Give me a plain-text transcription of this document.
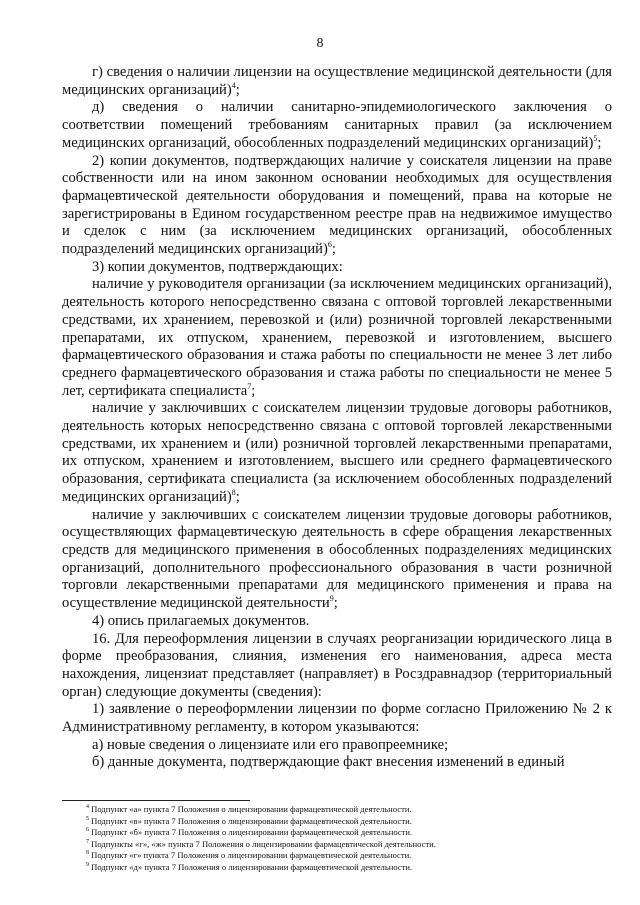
8

г) сведения о наличии лицензии на осуществление медицинской деятельности (для медицинских организаций)$^4$;

д) сведения о наличии санитарно-эпидемиологического заключения о соответствии помещений требованиям санитарных правил (за исключением медицинских организаций, обособленных подразделений медицинских организаций)$^5$;

2) копии документов, подтверждающих наличие у соискателя лицензии на праве собственности или на ином законном основании необходимых для осуществления фармацевтической деятельности оборудования и помещений, права на которые не зарегистрированы в Едином государственном реестре прав на недвижимое имущество и сделок с ним (за исключением медицинских организаций, обособленных подразделений медицинских организаций)$^6$;

3) копии документов, подтверждающих:

наличие у руководителя организации (за исключением медицинских организаций), деятельность которого непосредственно связана с оптовой торговлей лекарственными средствами, их хранением, перевозкой и (или) розничной торговлей лекарственными препаратами, их отпуском, хранением, перевозкой и изготовлением, высшего фармацевтического образования и стажа работы по специальности не менее 3 лет либо среднего фармацевтического образования и стажа работы по специальности не менее 5 лет, сертификата специалиста$^7$;

наличие у заключивших с соискателем лицензии трудовые договоры работников, деятельность которых непосредственно связана с оптовой торговлей лекарственными средствами, их хранением и (или) розничной торговлей лекарственными препаратами, их отпуском, хранением и изготовлением, высшего или среднего фармацевтического образования, сертификата специалиста (за исключением обособленных подразделений медицинских организаций)$^8$;

наличие у заключивших с соискателем лицензии трудовые договоры работников, осуществляющих фармацевтическую деятельность в сфере обращения лекарственных средств для медицинского применения в обособленных подразделениях медицинских организаций, дополнительного профессионального образования в части розничной торговли лекарственными препаратами для медицинского применения и права на осуществление медицинской деятельности$^9$;

4) опись прилагаемых документов.

16. Для переоформления лицензии в случаях реорганизации юридического лица в форме преобразования, слияния, изменения его наименования, адреса места нахождения, лицензиат представляет (направляет) в Росздравнадзор (территориальный орган) следующие документы (сведения):

1) заявление о переоформлении лицензии по форме согласно Приложению № 2 к Административному регламенту, в котором указываются:

а) новые сведения о лицензиате или его правопреемнике;

б) данные документа, подтверждающие факт внесения изменений в единый

$^4$ Подпункт «а» пункта 7 Положения о лицензировании фармацевтической деятельности.

$^5$ Подпункт «в» пункта 7 Положения о лицензировании фармацевтической деятельности.

$^6$ Подпункт «б» пункта 7 Положения о лицензировании фармацевтической деятельности.

$^7$ Подпункты «г», «ж» пункта 7 Положения о лицензировании фармацевтической деятельности.

$^8$ Подпункт «г» пункта 7 Положения о лицензировании фармацевтической деятельности.

$^9$ Подпункт «д» пункта 7 Положения о лицензировании фармацевтической деятельности.
